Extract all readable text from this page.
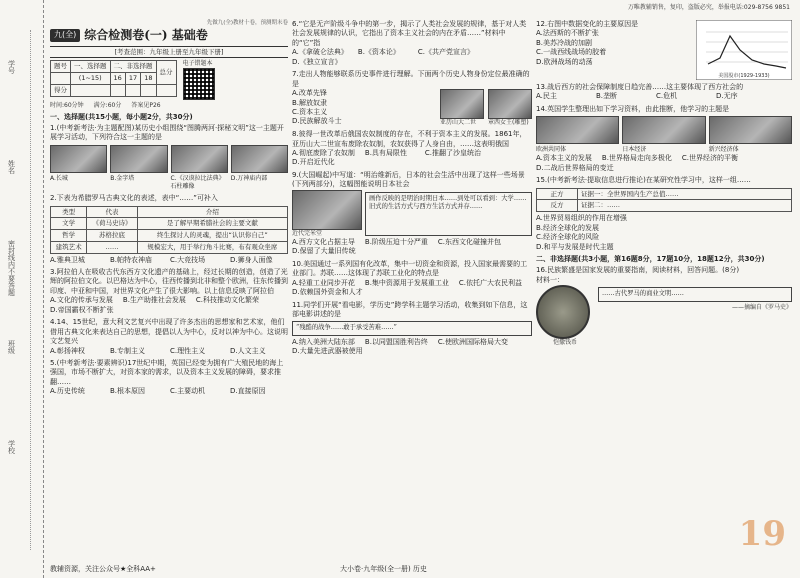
学号
姓名
密封线内不要答题
班级
学校
万唯教辅销售，复印，盗版必究，举报电话:029-8756 9851
先做九(全)教材十卷，预测期末卷
九(全) 综合检测卷(一) 基础卷
[考查范围：九年级上册至九年级下册]
题号	一、选择题	二、非选择题			总分
	(1~15)	16	17	18	
得分					
电子错题本
时间:60分钟 满分:60分 答案见P26
一、选择题(共15小题，每小题2分，共30分)
1.(中考新考法·为主题配图)某历史小组围绕“图腾两河·探秘文明”这一主题开展学习活动，下列符合这一主题的是
A.长城	B.金字塔	C.《汉谟拉比法典》石柱雕像
D.万神庙内部
2.下表为希腊罗马古典文化的表述，表中“……”可补入
类型	代表	介绍
文学	《荷马史诗》	是了解早期希腊社会的主要文献
哲学	苏格拉底	终生探讨人的灵魂，提出“认识你自己”
建筑艺术	……	规模宏大，用于举行角斗比赛，布有观众坐席
A.雅典卫城	B.帕特农神庙	C.大竞技场	D.狮身人面像
3.阿拉伯人在吸收古代东西方文化遗产的基础上，经过长期的创造，创造了光辉的阿拉伯文化。以巴格达为中心，往西传播到北非和整个欧洲，往东传播到印度、中亚和中国，对世界文化产生了很大影响。以上信息反映了阿拉伯
A.文化的传承与发展 B.生产助推社会发展 C.科技推动文化繁荣
D.帝国霸权不断扩张
4.14、15世纪，意大利文艺复兴中出现了许多杰出的思想家和艺术家，他们借用古典文化来表达自己的思想，提倡以人为中心，反对以神为中心。这说明文艺复兴
A.彰扬神权	B.专制主义	C.理性主义	D.人文主义
5.(中考新考法·要素辨识)17世纪中期，英国已经变为拥有广大殖民地的海上强国，市场不断扩大，对资本家的需求，以及资本主义发展的障碍，要求推翻……
A.历史传统	B.根本原因	C.主要动机	D.直接原因
6.“它是无产阶级斗争中的第一步，揭示了人类社会发展的规律，基于对人类社会发展规律的认识，它指出了资本主义社会的内在矛盾……”材料中的“它”指
A.《拿破仑法典》 B.《资本论》	C.《共产党宣言》
D.《独立宣言》
7.走出人物能够联系历史事件进行理解。下面两个历史人物身份定位最准确的是
A.改革先锋
B.解放奴隶
C.资本主义
D.民族解放斗士	亚历山大二世	章西女王(雕塑)
8.彼得一世改革后俄国农奴制度的存在，不利于资本主义的发展。1861年，亚历山大二世宣布废除农奴制，农奴获得了人身自由，……这表明俄国
A.彻底废除了农奴制 B.具有局限性	C.推翻了沙皇统治
D.开启近代化
9.(大国崛起)中写道：“明治维新后，日本的社会生活中出现了这样一些场景(下列两部分)，这幅图能说明日本社会
近代完米堂
画作反映的是明治时期日本……到处可以看到：大学……旧式的生活方式与西方生活方式并存……
A.西方文化占据主导 B.阶级压迫十分严重 C.东西文化碰撞并包
D.保留了大量旧传统
10.美国通过一系列国有化改革，集中一切资金和资源，投入国家最需要的工业部门。苏联……这体现了苏联工业化的特点是
A.轻重工业同步开花 B.集中资源用于发展重工业 C.依托广大农民利益
D.依赖国外资金和人才
11.同学们开展“看电影，学历史”跨学科主题学习活动，收集到如下信息，这部电影讲述的是
“残酷的战争……敢于承受苦难……”
A.纳入美洲大陆东部 B.以同盟国胜利告终 C.使欧洲国际格局大变
D.大量先进武器被使用
美国股市(1929-1933)
12.右图中数据变化的主要原因是
A.法西斯的不断扩张
B.美苏冷战的加剧
C.一战西线战场的胶着
D.欧洲战场的动荡
13.战后西方的社会保障制度日趋完善……这主要体现了西方社会的
A.民主	B.垄断	C.危机	D.无序
14.英国学生整理出如下学习资料，由此推断，他学习的主题是
欧洲共同体	日本经济	新兴经济体
A.资本主义的发展 B.世界格局走向多极化 C.世界经济的平衡
D.二战后世界格局的变迁
15.(中考新考法·提取信息进行推论)在某研究性学习中，这样一组……
正方	证据一：全世界国内生产总值……
反方	证据二：……
A.世界贸易组织的作用在增强
B.经济全球化的发展
C.经济全球化的风险
D.和平与发展是时代主题
二、非选择题(共3小题，第16题8分，17题10分，18题12分，共30分)
16.民族繁盛是国家发展的重要指南，阅读材料，回答问题。(8分)
材料一：
恺撒钱币
……古代罗马的商业文明……
——摘编自《罗马史》
教辅资源，关注公众号★全科AA+	大小卷·九年级(全一册) 历史
19
